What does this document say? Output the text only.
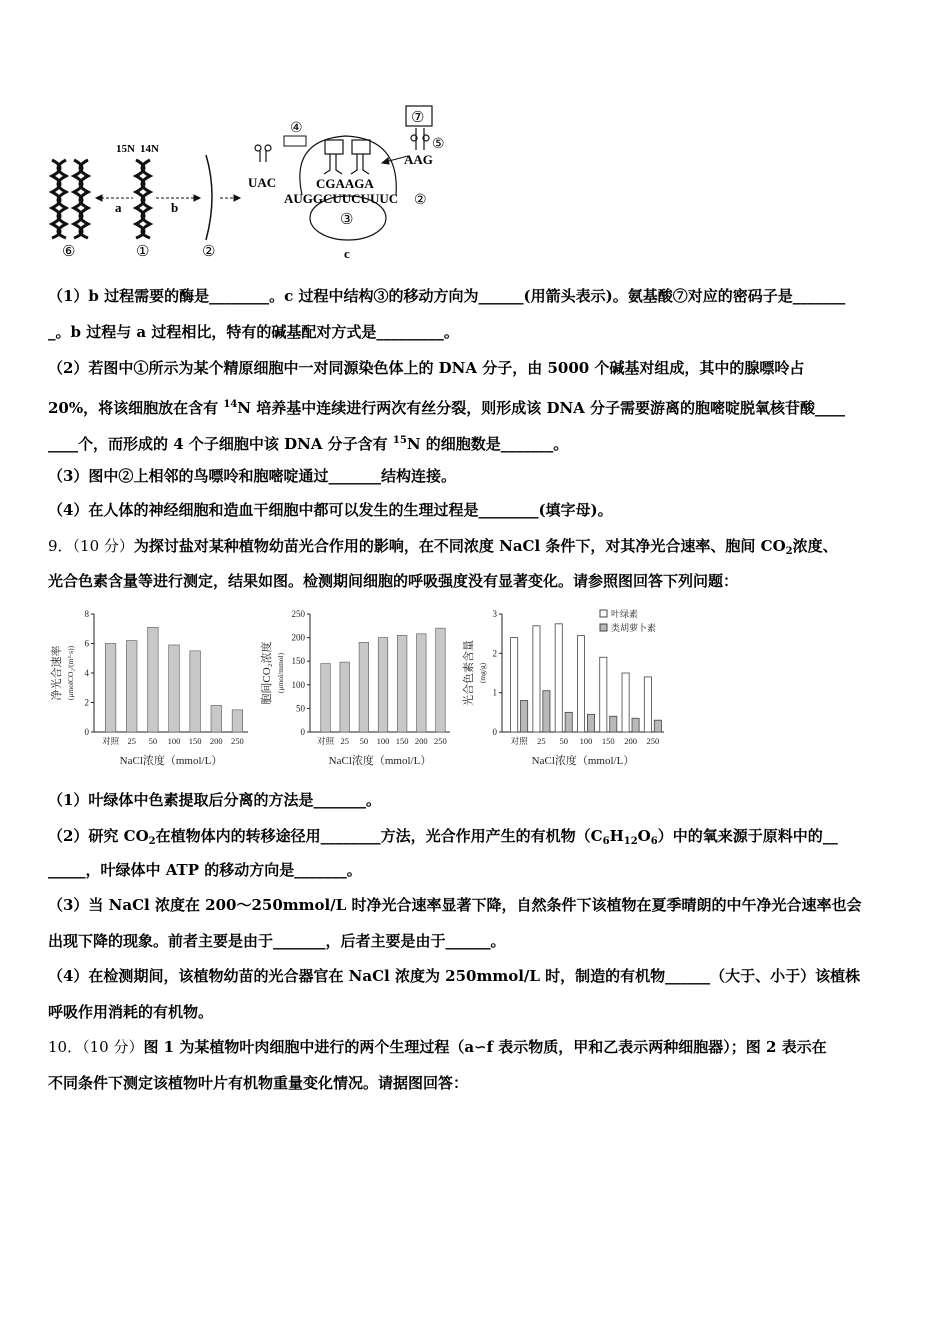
⑥
a
15N 14N
①
b
②
③
④
UAC	CGAAGA
AUGGCUUCUUUC ②
⑦
⑤
AAG
c
（1）b 过程需要的酶是________。c 过程中结构③的移动方向为______(用箭头表示)。氨基酸⑦对应的密码子是_______
_。b 过程与 a 过程相比，特有的碱基配对方式是_________。
（2）若图中①所示为某个精原细胞中一对同源染色体上的 DNA 分子，由 5000 个碱基对组成，其中的腺嘌呤占
20%，将该细胞放在含有 $^{14}$N 培养基中连续进行两次有丝分裂，则形成该 DNA 分子需要游离的胞嘧啶脱氧核苷酸____
____个，而形成的 4 个子细胞中该 DNA 分子含有 $^{15}$N 的细胞数是_______。
（3）图中②上相邻的鸟嘌呤和胞嘧啶通过_______结构连接。
（4）在人体的神经细胞和造血干细胞中都可以发生的生理过程是________(填字母)。
9．（10 分）为探讨盐对某种植物幼苗光合作用的影响，在不同浓度 NaCl 条件下，对其净光合速率、胞间 $CO_2$浓度、
光合色素含量等进行测定，结果如图。检测期间细胞的呼吸强度没有显著变化。请参照图回答下列问题：
0
2
4
6
8
对照 25 50 100 150 200 250
NaCl浓度（mmol/L）
净光合速率 (μmolCO₂/(m²·s))
0
50
100
150
200
250
对照 25 50 100 150 200 250
NaCl浓度（mmol/L）
胞间CO₂浓度 (μmol/mmol)
0
1
2
3
对照 25 50 100 150 200 250
叶绿素
类胡萝卜素
NaCl浓度（mmol/L）
光合色素含量 (mg/g)
（1）叶绿体中色素提取后分离的方法是_______。
（2）研究 $CO_2$在植物体内的转移途径用________方法，光合作用产生的有机物$(C_6H_{12}O_6)$中的氧来源于原料中的__
_____，叶绿体中 ATP 的移动方向是_______。
（3）当 NaCl 浓度在 200～250mmol/L 时净光合速率显著下降，自然条件下该植物在夏季晴朗的中午净光合速率也会
出现下降的现象。前者主要是由于_______，后者主要是由于______。
（4）在检测期间，该植物幼苗的光合器官在 NaCl 浓度为 250mmol/L 时，制造的有机物______（大于、小于）该植株
呼吸作用消耗的有机物。
10．（10 分）图 1 为某植物叶肉细胞中进行的两个生理过程（a∽f 表示物质，甲和乙表示两种细胞器）；图 2 表示在
不同条件下测定该植物叶片有机物重量变化情况。请据图回答：
